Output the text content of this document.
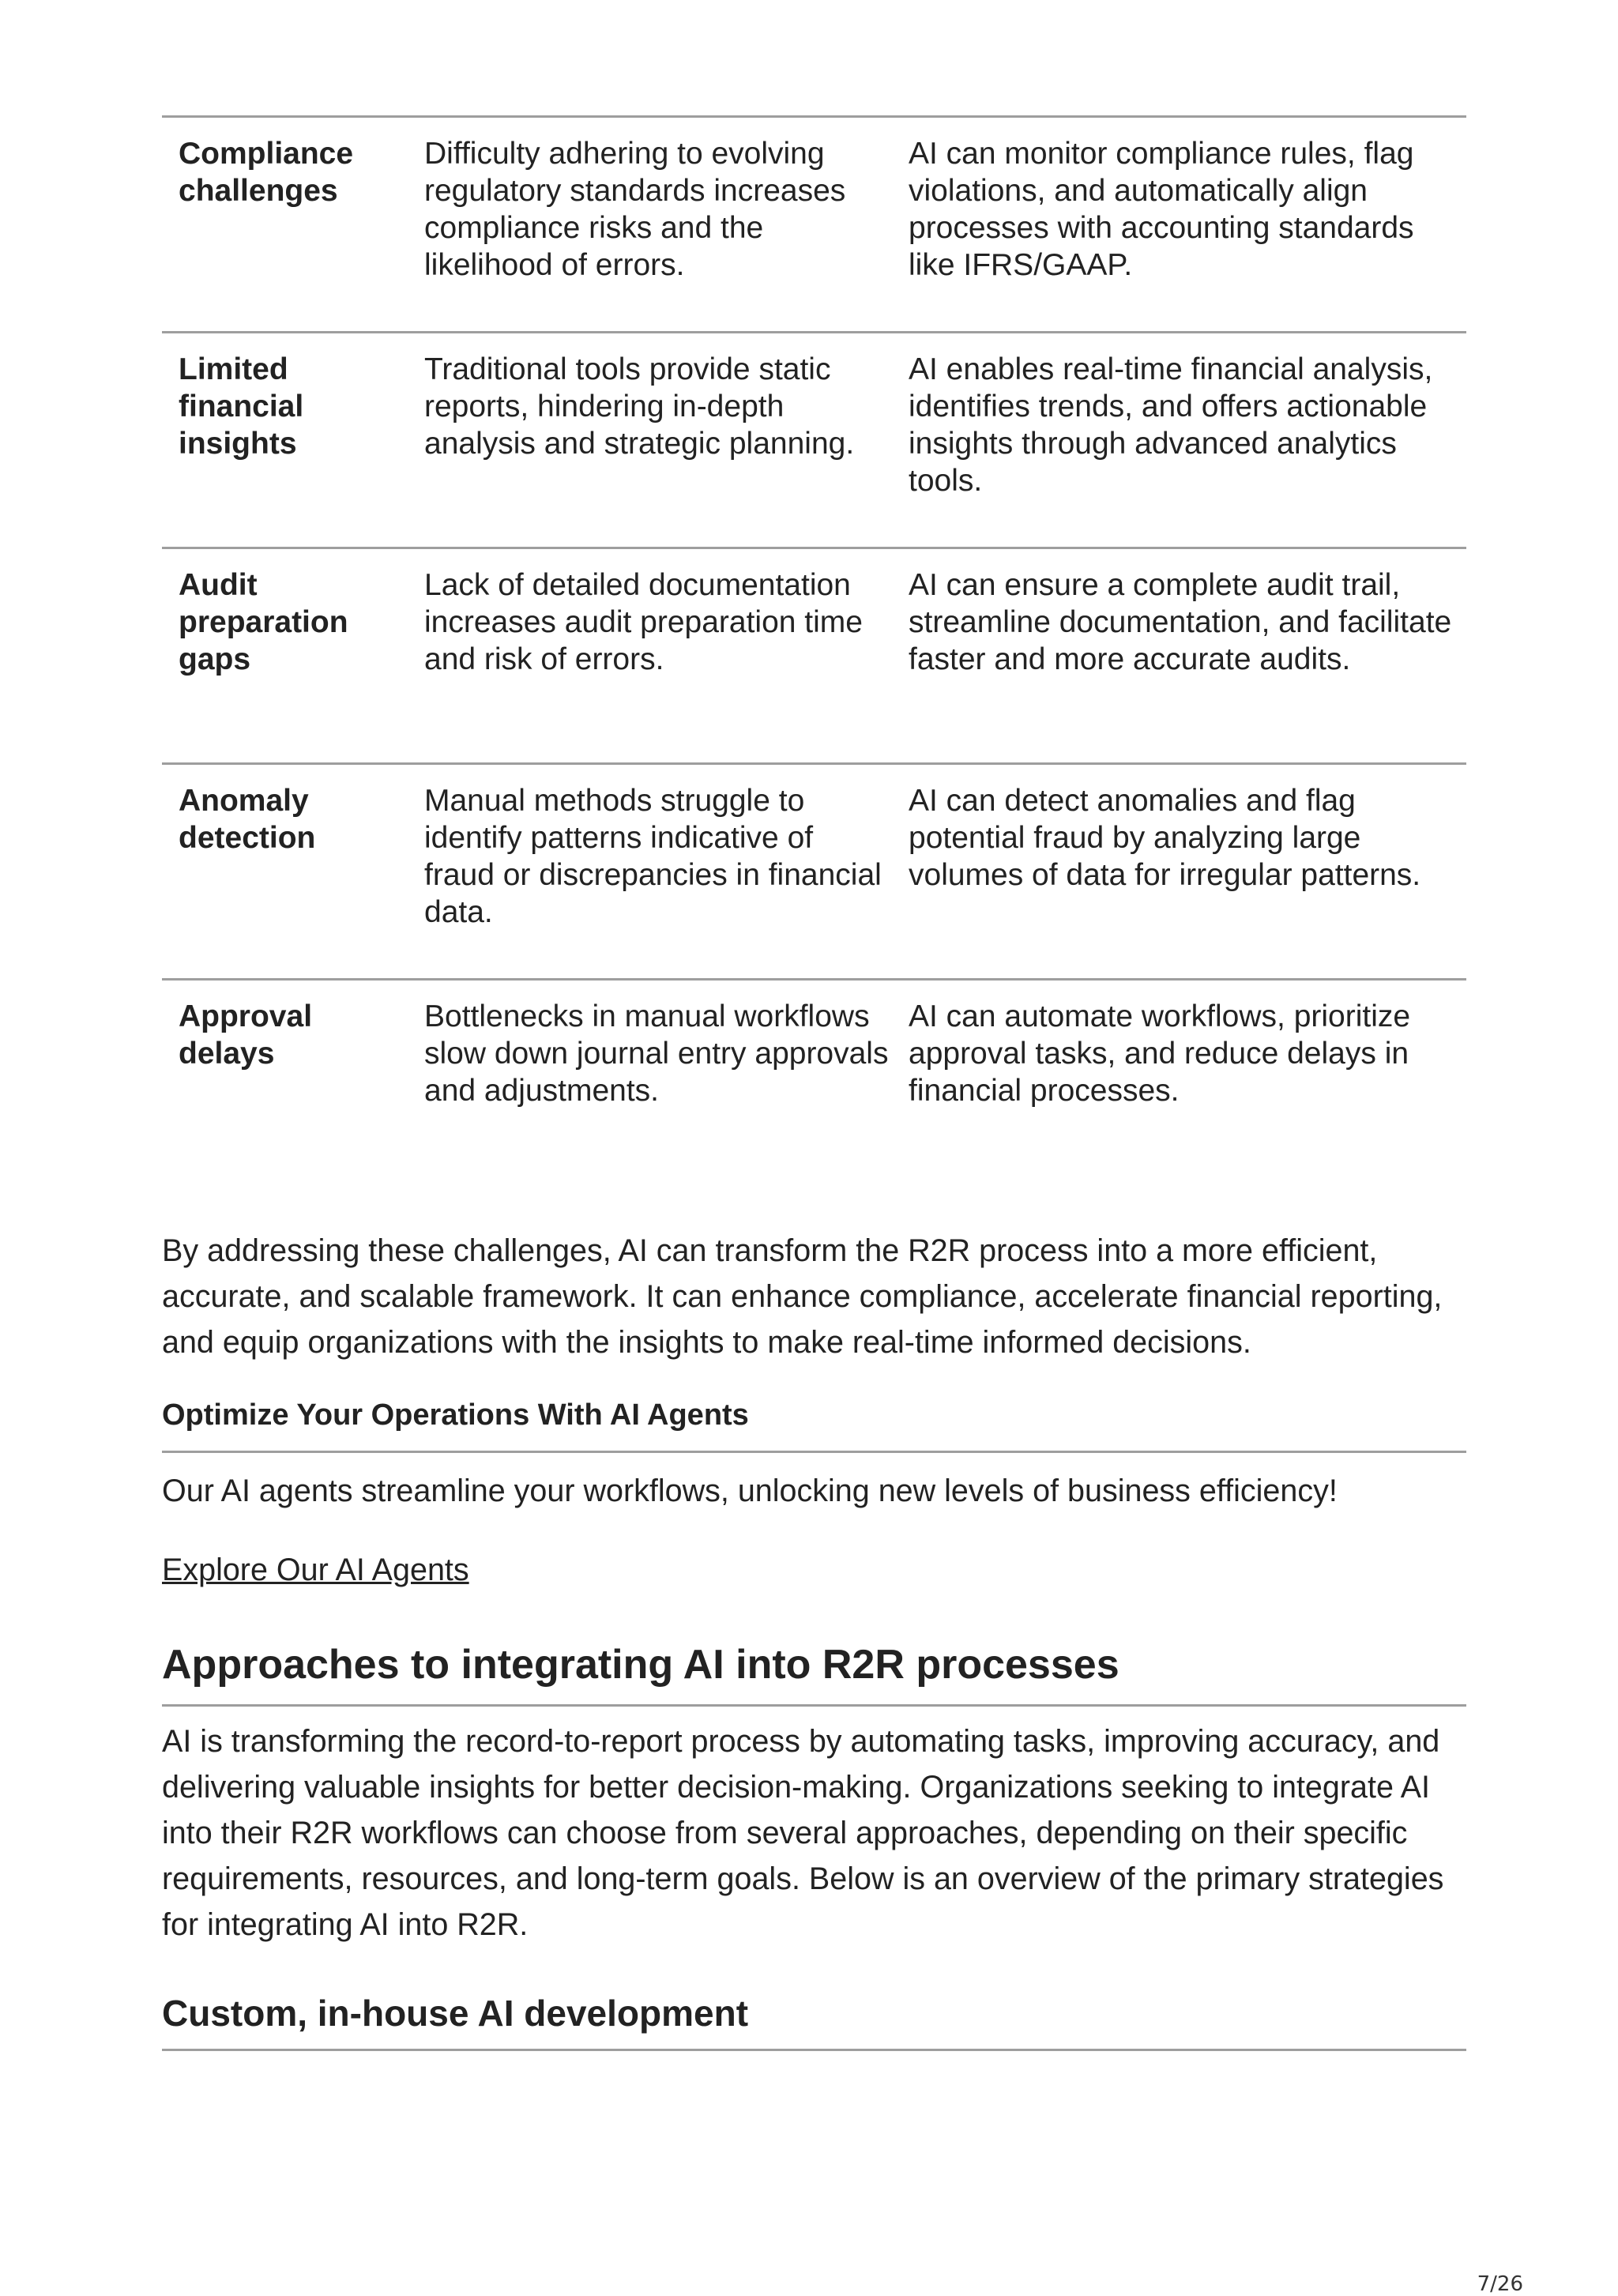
Compliance challenges
Difficulty adhering to evolving regulatory standards increases compliance risks and the likelihood of errors.
AI can monitor compliance rules, flag violations, and automatically align processes with accounting standards like IFRS/GAAP.
Limited financial insights
Traditional tools provide static reports, hindering in-depth analysis and strategic planning.
AI enables real-time financial analysis, identifies trends, and offers actionable insights through advanced analytics tools.
Audit preparation gaps
Lack of detailed documentation increases audit preparation time and risk of errors.
AI can ensure a complete audit trail, streamline documentation, and facilitate faster and more accurate audits.
Anomaly detection
Manual methods struggle to identify patterns indicative of fraud or discrepancies in financial data.
AI can detect anomalies and flag potential fraud by analyzing large volumes of data for irregular patterns.
Approval delays
Bottlenecks in manual workflows slow down journal entry approvals and adjustments.
AI can automate workflows, prioritize approval tasks, and reduce delays in financial processes.

By addressing these challenges, AI can transform the R2R process into a more efficient, accurate, and scalable framework. It can enhance compliance, accelerate financial reporting, and equip organizations with the insights to make real-time informed decisions.

Optimize Your Operations With AI Agents

Our AI agents streamline your workflows, unlocking new levels of business efficiency!

Explore Our AI Agents
Approaches to integrating AI into R2R processes

AI is transforming the record-to-report process by automating tasks, improving accuracy, and delivering valuable insights for better decision-making. Organizations seeking to integrate AI into their R2R workflows can choose from several approaches, depending on their specific requirements, resources, and long-term goals. Below is an overview of the primary strategies for integrating AI into R2R.

Custom, in-house AI development
7/26
